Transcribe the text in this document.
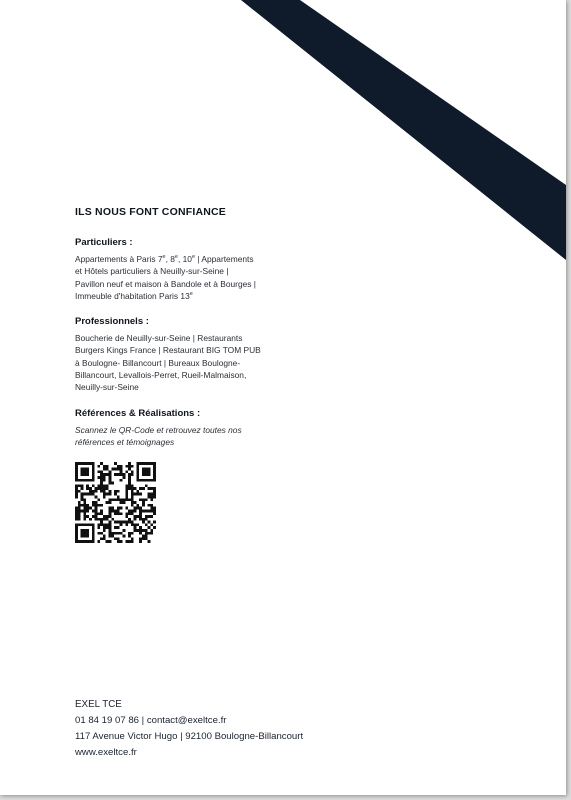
ILS NOUS FONT CONFIANCE
Particuliers :
Appartements à Paris 7e, 8e, 10e | Appartements
et Hôtels particuliers à Neuilly-sur-Seine |
Pavillon neuf et maison à Bandole et à Bourges |
Immeuble d'habitation Paris 13e
Professionnels :
Boucherie de Neuilly-sur-Seine | Restaurants
Burgers Kings France | Restaurant BIG TOM PUB
à Boulogne- Billancourt | Bureaux Boulogne-
Billancourt, Levallois-Perret, Rueil-Malmaison,
Neuilly-sur-Seine
Références & Réalisations :
Scannez le QR-Code et retrouvez toutes nos
références et témoignages
EXEL TCE
01 84 19 07 86 | contact@exeltce.fr
117 Avenue Victor Hugo | 92100 Boulogne-Billancourt
www.exeltce.fr
